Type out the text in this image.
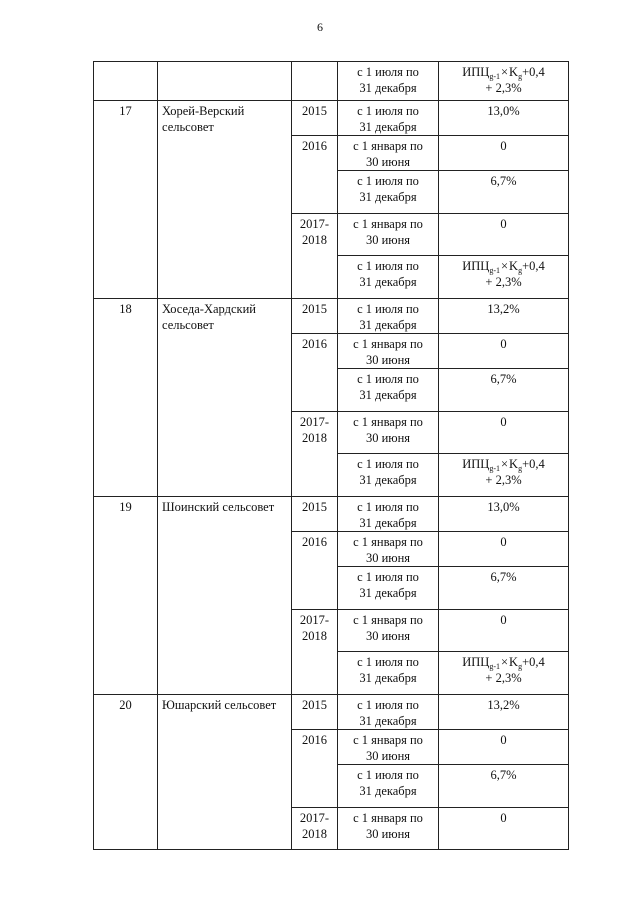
6

			с 1 июля по
31 декабря	$ИПЦ_{g-1}\times K_g+0,4$
+ 2,3%

17	Хорей-Верский сельсовет	2015	с 1 июля по
31 декабря	13,0%
		2016	с 1 января по
30 июня	0

			с 1 июля по
31 декабря	6,7%
		2017-2018	с 1 января по
30 июня	0

			с 1 июля по
31 декабря	$ИПЦ_{g-1}\times K_g+0,4$
+ 2,3%

18	Хоседа-Хардский сельсовет	2015	с 1 июля по
31 декабря	13,2%
		2016	с 1 января по
30 июня	0

			с 1 июля по
31 декабря	6,7%
		2017-2018	с 1 января по
30 июня	0

			с 1 июля по
31 декабря	$ИПЦ_{g-1}\times K_g+0,4$
+ 2,3%

19	Шоинский сельсовет	2015	с 1 июля по
31 декабря	13,0%
		2016	с 1 января по
30 июня	0

			с 1 июля по
31 декабря	6,7%
		2017-2018	с 1 января по
30 июня	0

			с 1 июля по
31 декабря	$ИПЦ_{g-1}\times K_g+0,4$
+ 2,3%

20	Юшарский сельсовет	2015	с 1 июля по
31 декабря	13,2%
		2016	с 1 января по
30 июня	0

			с 1 июля по
31 декабря	6,7%
		2017-2018	с 1 января по
30 июня	0
